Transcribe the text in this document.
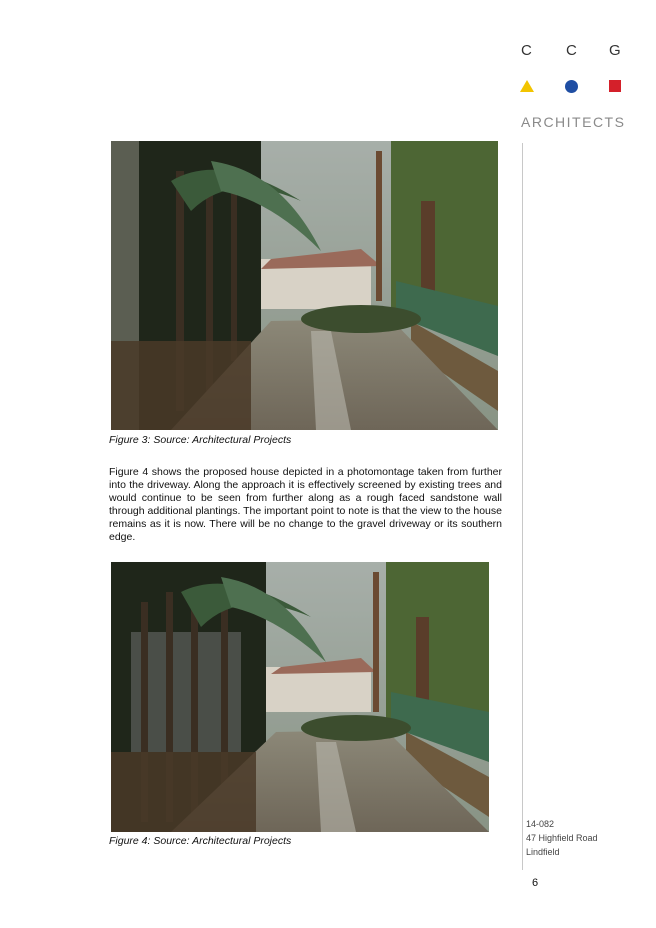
C C G
ARCHITECTS
Figure 3: Source: Architectural Projects

Figure 4 shows the proposed house depicted in a photomontage taken from further into the driveway. Along the approach it is effectively screened by existing trees and would continue to be seen from further along as a rough faced sandstone wall through additional plantings. The important point to note is that the view to the house remains as it is now. There will be no change to the gravel driveway or its southern edge.

Figure 4: Source: Architectural Projects
14-082
47 Highfield Road
Lindfield
6
